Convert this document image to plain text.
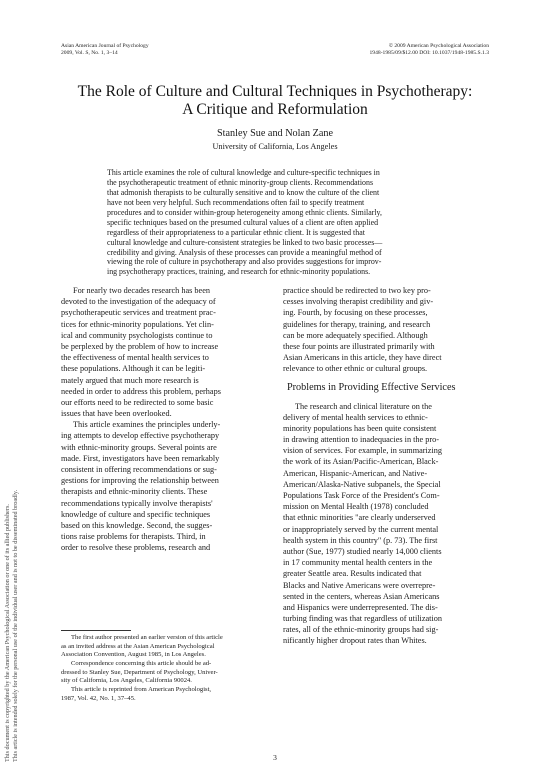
Asian American Journal of Psychology
2009, Vol. S, No. 1, 3–14
© 2009 American Psychological Association
1948-1985/09/$12.00 DOI: 10.1037/1948-1985.S.1.3
The Role of Culture and Cultural Techniques in Psychotherapy:
A Critique and Reformulation
Stanley Sue and Nolan Zane
University of California, Los Angeles
This article examines the role of cultural knowledge and culture-specific techniques in
the psychotherapeutic treatment of ethnic minority-group clients. Recommendations
that admonish therapists to be culturally sensitive and to know the culture of the client
have not been very helpful. Such recommendations often fail to specify treatment
procedures and to consider within-group heterogeneity among ethnic clients. Similarly,
specific techniques based on the presumed cultural values of a client are often applied
regardless of their appropriateness to a particular ethnic client. It is suggested that
cultural knowledge and culture-consistent strategies be linked to two basic processes—
credibility and giving. Analysis of these processes can provide a meaningful method of
viewing the role of culture in psychotherapy and also provides suggestions for improv-
ing psychotherapy practices, training, and research for ethnic-minority populations.
For nearly two decades research has been
devoted to the investigation of the adequacy of
psychotherapeutic services and treatment prac-
tices for ethnic-minority populations. Yet clin-
ical and community psychologists continue to
be perplexed by the problem of how to increase
the effectiveness of mental health services to
these populations. Although it can be legiti-
mately argued that much more research is
needed in order to address this problem, perhaps
our efforts need to be redirected to some basic
issues that have been overlooked.
This article examines the principles underly-
ing attempts to develop effective psychotherapy
with ethnic-minority groups. Several points are
made. First, investigators have been remarkably
consistent in offering recommendations or sug-
gestions for improving the relationship between
therapists and ethnic-minority clients. These
recommendations typically involve therapists'
knowledge of culture and specific techniques
based on this knowledge. Second, the sugges-
tions raise problems for therapists. Third, in
order to resolve these problems, research and
The first author presented an earlier version of this article
as an invited address at the Asian American Psychological
Association Convention, August 1985, in Los Angeles.
Correspondence concerning this article should be ad-
dressed to Stanley Sue, Department of Psychology, Univer-
sity of California, Los Angeles, California 90024.
This article is reprinted from American Psychologist,
1987, Vol. 42, No. 1, 37–45.
practice should be redirected to two key pro-
cesses involving therapist credibility and giv-
ing. Fourth, by focusing on these processes,
guidelines for therapy, training, and research
can be more adequately specified. Although
these four points are illustrated primarily with
Asian Americans in this article, they have direct
relevance to other ethnic or cultural groups.
Problems in Providing Effective Services
The research and clinical literature on the
delivery of mental health services to ethnic-
minority populations has been quite consistent
in drawing attention to inadequacies in the pro-
vision of services. For example, in summarizing
the work of its Asian/Pacific-American, Black-
American, Hispanic-American, and Native-
American/Alaska-Native subpanels, the Special
Populations Task Force of the President's Com-
mission on Mental Health (1978) concluded
that ethnic minorities "are clearly underserved
or inappropriately served by the current mental
health system in this country" (p. 73). The first
author (Sue, 1977) studied nearly 14,000 clients
in 17 community mental health centers in the
greater Seattle area. Results indicated that
Blacks and Native Americans were overrepre-
sented in the centers, whereas Asian Americans
and Hispanics were underrepresented. The dis-
turbing finding was that regardless of utilization
rates, all of the ethnic-minority groups had sig-
nificantly higher dropout rates than Whites.
3
This document is copyrighted by the American Psychological Association or one of its allied publishers. This article is intended solely for the personal use of the individual user and is not to be disseminated broadly.
